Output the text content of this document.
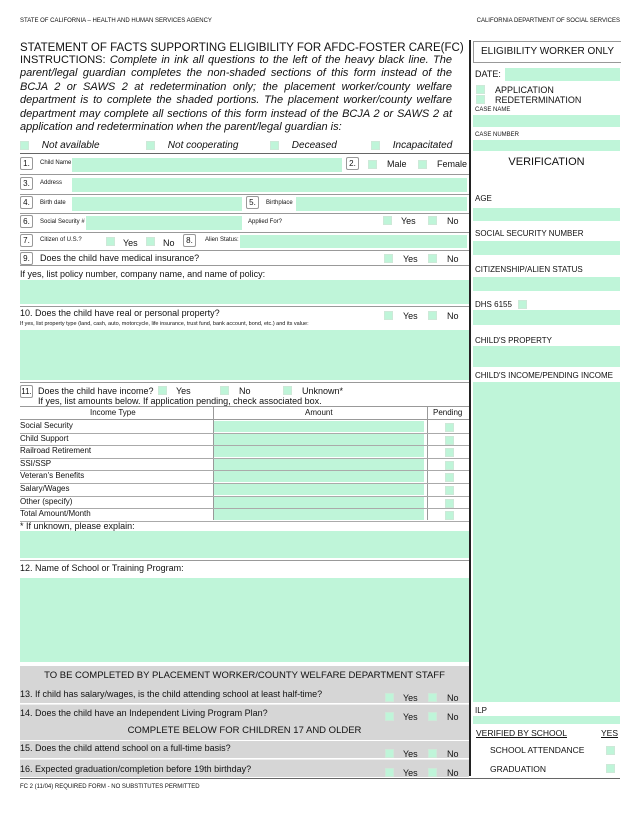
STATE OF CALIFORNIA – HEALTH AND HUMAN SERVICES AGENCY	CALIFORNIA DEPARTMENT OF SOCIAL SERVICES
STATEMENT OF FACTS SUPPORTING ELIGIBILITY FOR AFDC-FOSTER CARE(FC)
INSTRUCTIONS: Complete in ink all questions to the left of the heavy black line. The parent/legal guardian completes the non-shaded sections of this form instead of the BCJA 2 or SAWS 2 at redetermination only; the placement worker/county welfare department is to complete the shaded portions. The placement worker/county welfare department may complete all sections of this form instead of the BCJA 2 or SAWS 2 at application and redetermination when the parent/legal guardian is:
Not available	Not cooperating	Deceased	Incapacitated
1.	Child Name	2.	Male	Female
3.	Address
4.	Birth date	5.	Birthplace
6.	Social Security #	Applied For?	Yes	No
7.	Citizen of U.S.?	Yes	No	8.	Alien Status:
9.	Does the child have medical insurance?	Yes	No
If yes, list policy number, company name, and name of policy:
10. Does the child have real or personal property?	Yes	No
If yes, list property type (land, cash, auto, motorcycle, life insurance, trust fund, bank account, bond, etc.) and its value:
11. Does the child have income? Yes	No	Unknown*
If yes, list amounts below. If application pending, check associated box.
Income Type	Amount	Pending
Social Security
Child Support
Railroad Retirement
SSI/SSP
Veteran's Benefits
Salary/Wages
Other (specify)
Total Amount/Month
* If unknown, please explain:
12. Name of School or Training Program:
TO BE COMPLETED BY PLACEMENT WORKER/COUNTY WELFARE DEPARTMENT STAFF
13. If child has salary/wages, is the child attending school at least half-time?	Yes	No
14. Does the child have an Independent Living Program Plan?	Yes	No
COMPLETE BELOW FOR CHILDREN 17 AND OLDER
15. Does the child attend school on a full-time basis?
Yes	No
16. Expected graduation/completion before 19th birthday?	Yes	No
ELIGIBILITY WORKER ONLY
DATE:
APPLICATION
REDETERMINATION
CASE NAME
CASE NUMBER
VERIFICATION
AGE
SOCIAL SECURITY NUMBER
CITIZENSHIP/ALIEN STATUS
DHS 6155
CHILD'S PROPERTY
CHILD'S INCOME/PENDING INCOME
ILP
VERIFIED BY SCHOOL	YES
SCHOOL ATTENDANCE
GRADUATION
FC 2 (11/04) REQUIRED FORM - NO SUBSTITUTES PERMITTED
